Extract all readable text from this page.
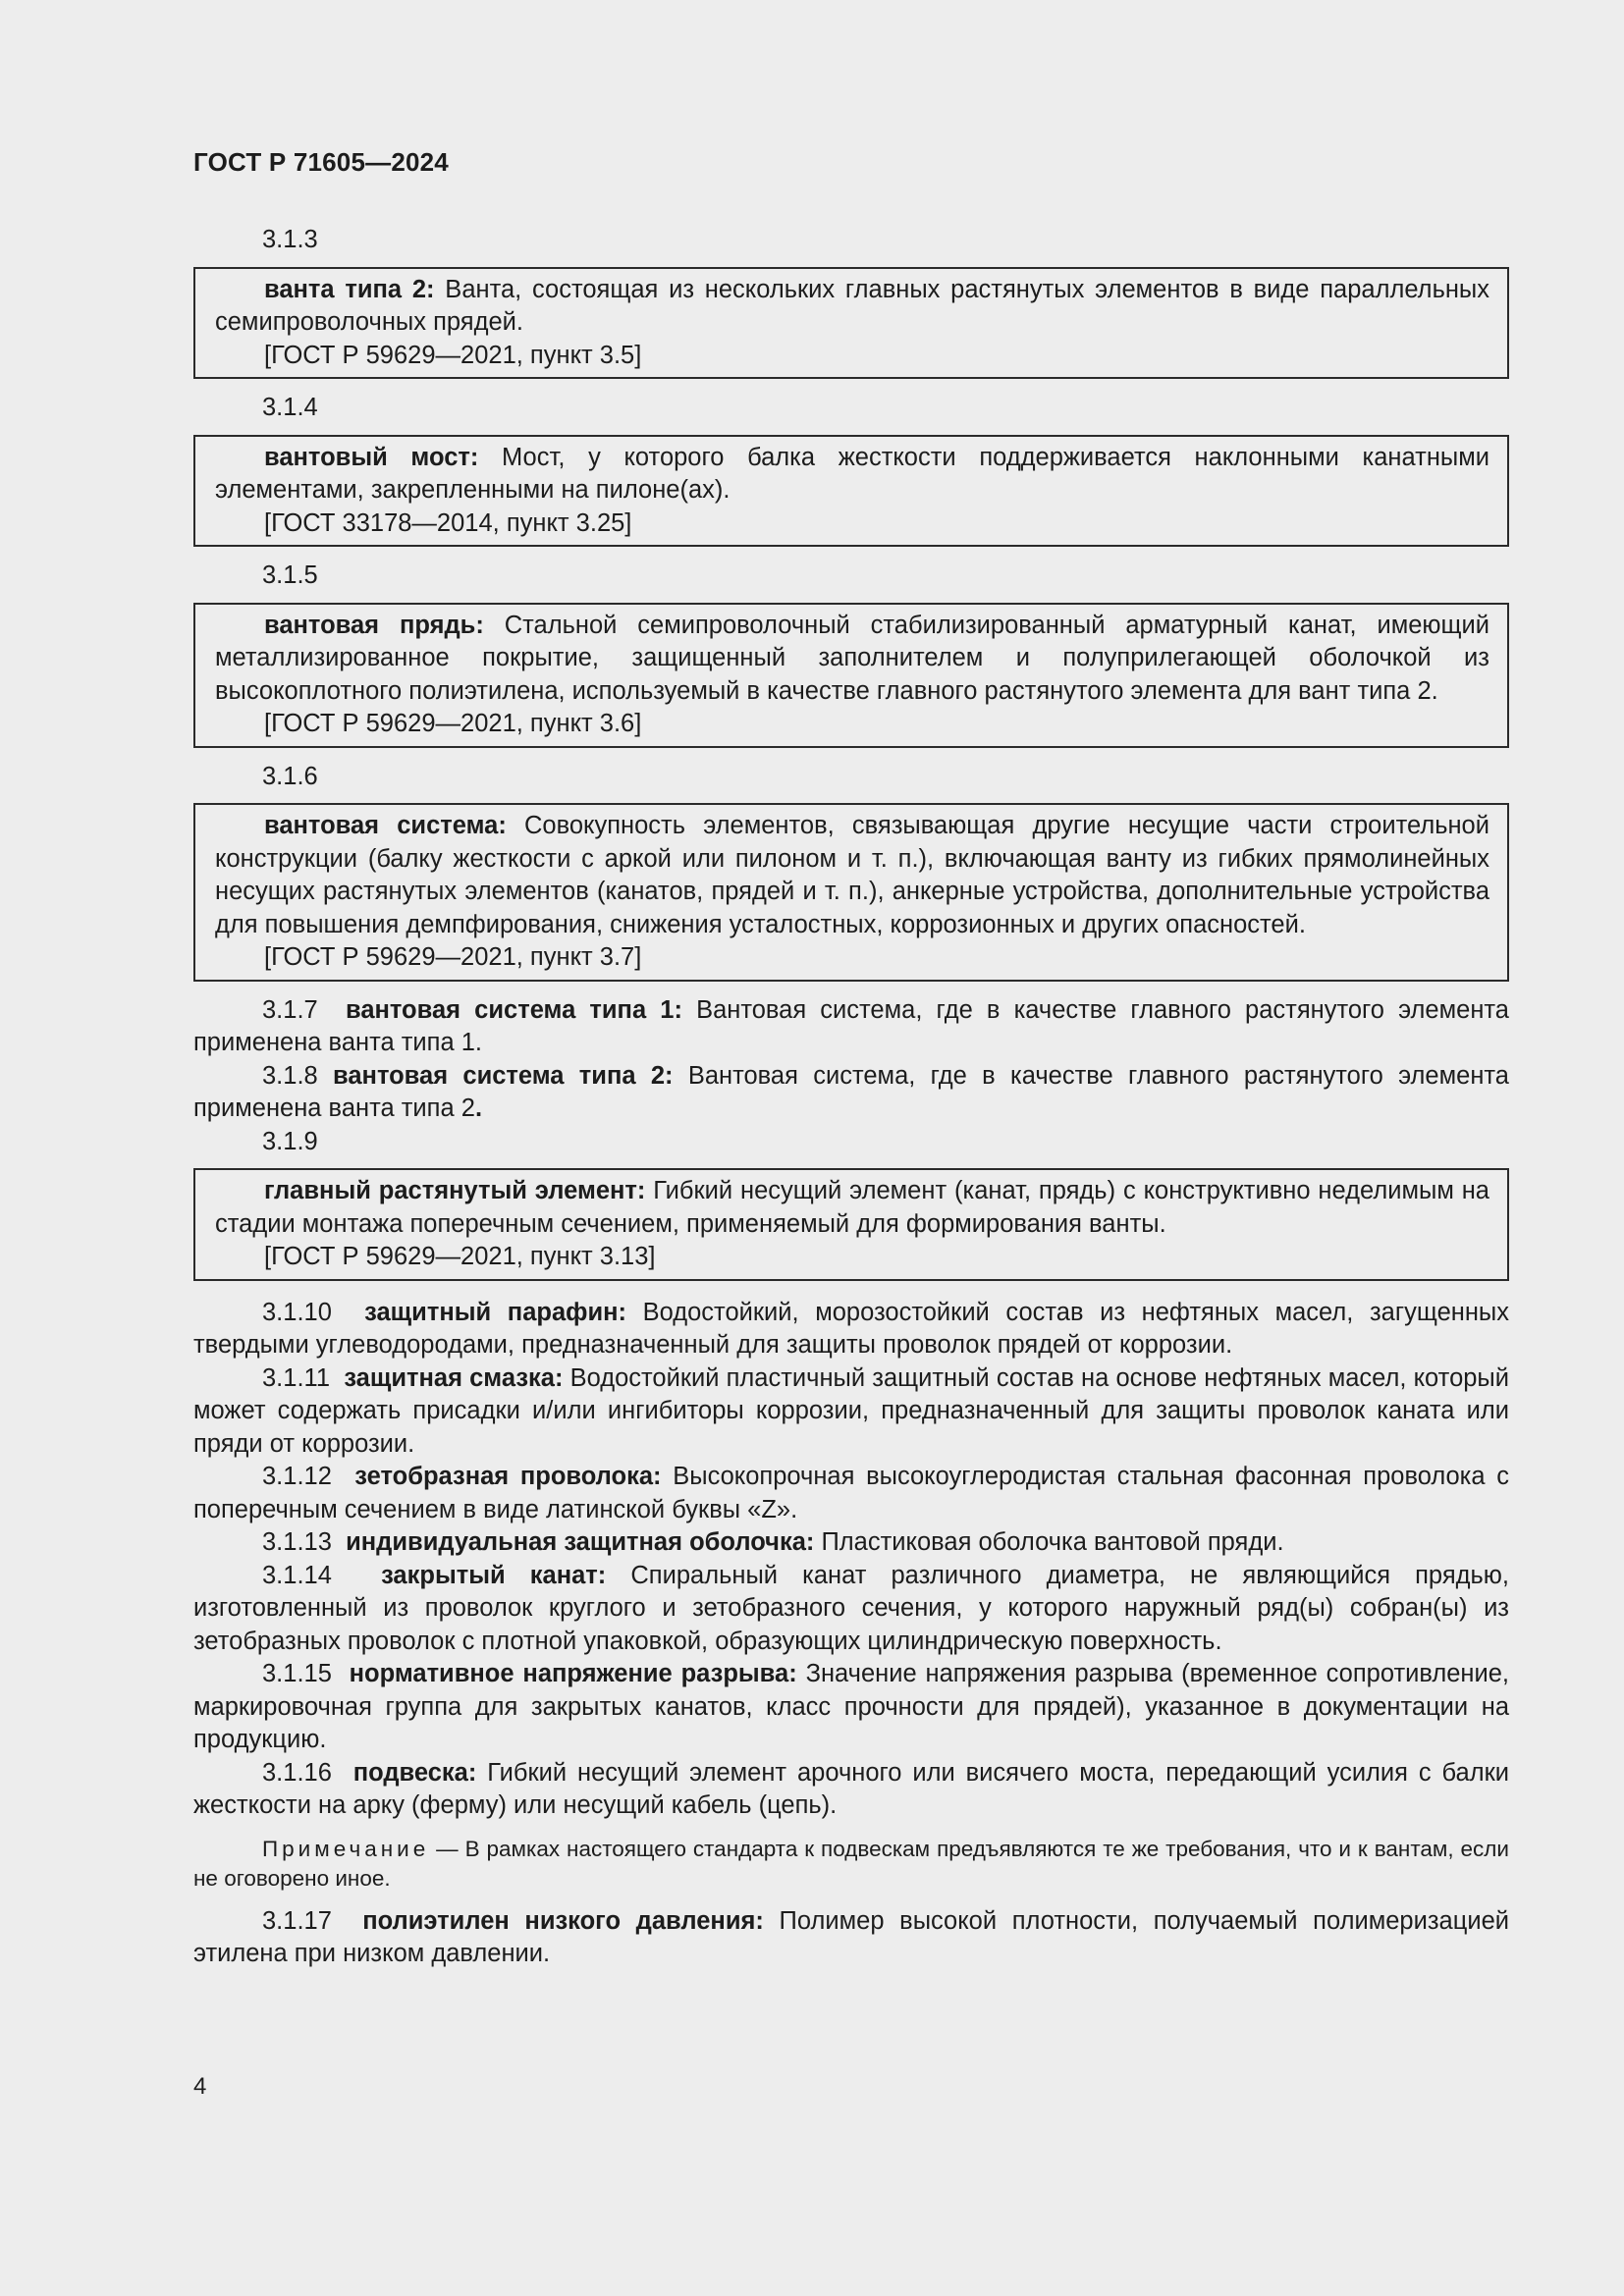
ГОСТ Р 71605—2024
3.1.3

ванта типа 2: Ванта, состоящая из нескольких главных растянутых элементов в виде параллельных семипроволочных прядей.

[ГОСТ Р 59629—2021, пункт 3.5]

3.1.4

вантовый мост: Мост, у которого балка жесткости поддерживается наклонными канатными элементами, закрепленными на пилоне(ах).

[ГОСТ 33178—2014, пункт 3.25]

3.1.5

вантовая прядь: Стальной семипроволочный стабилизированный арматурный канат, имеющий металлизированное покрытие, защищенный заполнителем и полуприлегающей оболочкой из высокоплотного полиэтилена, используемый в качестве главного растянутого элемента для вант типа 2.

[ГОСТ Р 59629—2021, пункт 3.6]

3.1.6

вантовая система: Совокупность элементов, связывающая другие несущие части строительной конструкции (балку жесткости с аркой или пилоном и т. п.), включающая ванту из гибких прямолинейных несущих растянутых элементов (канатов, прядей и т. п.), анкерные устройства, дополнительные устройства для повышения демпфирования, снижения усталостных, коррозионных и других опасностей.

[ГОСТ Р 59629—2021, пункт 3.7]

3.1.7 вантовая система типа 1: Вантовая система, где в качестве главного растянутого элемента применена ванта типа 1.

3.1.8 вантовая система типа 2: Вантовая система, где в качестве главного растянутого элемента применена ванта типа 2.

3.1.9

главный растянутый элемент: Гибкий несущий элемент (канат, прядь) с конструктивно неделимым на стадии монтажа поперечным сечением, применяемый для формирования ванты.

[ГОСТ Р 59629—2021, пункт 3.13]

3.1.10 защитный парафин: Водостойкий, морозостойкий состав из нефтяных масел, загущенных твердыми углеводородами, предназначенный для защиты проволок прядей от коррозии.

3.1.11 защитная смазка: Водостойкий пластичный защитный состав на основе нефтяных масел, который может содержать присадки и/или ингибиторы коррозии, предназначенный для защиты проволок каната или пряди от коррозии.

3.1.12 зетобразная проволока: Высокопрочная высокоуглеродистая стальная фасонная проволока с поперечным сечением в виде латинской буквы «Z».

3.1.13 индивидуальная защитная оболочка: Пластиковая оболочка вантовой пряди.

3.1.14 закрытый канат: Спиральный канат различного диаметра, не являющийся прядью, изготовленный из проволок круглого и зетобразного сечения, у которого наружный ряд(ы) собран(ы) из зетобразных проволок с плотной упаковкой, образующих цилиндрическую поверхность.

3.1.15 нормативное напряжение разрыва: Значение напряжения разрыва (временное сопротивление, маркировочная группа для закрытых канатов, класс прочности для прядей), указанное в документации на продукцию.

3.1.16 подвеска: Гибкий несущий элемент арочного или висячего моста, передающий усилия с балки жесткости на арку (ферму) или несущий кабель (цепь).

Примечание — В рамках настоящего стандарта к подвескам предъявляются те же требования, что и к вантам, если не оговорено иное.

3.1.17 полиэтилен низкого давления: Полимер высокой плотности, получаемый полимеризацией этилена при низком давлении.

4
